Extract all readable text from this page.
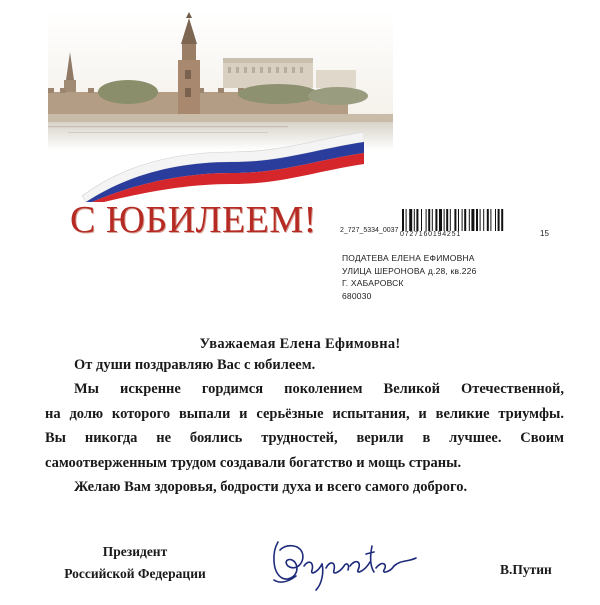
С ЮБИЛЕЕМ!	2_727_5334_0037
0727160194251	15
ПОДАТЕВА ЕЛЕНА ЕФИМОВНА
УЛИЦА ШЕРОНОВА д.28, кв.226
Г. ХАБАРОВСК
680030
Уважаемая Елена Ефимовна!
От души поздравляю Вас с юбилеем.
Мы искренне гордимся поколением Великой Отечественной,
на долю которого выпали и серьёзные испытания, и великие триумфы.
Вы никогда не боялись трудностей, верили в лучшее. Своим
самоотверженным трудом создавали богатство и мощь страны.
Желаю Вам здоровья, бодрости духа и всего самого доброго.
Президент
Российской Федерации	В.Путин
